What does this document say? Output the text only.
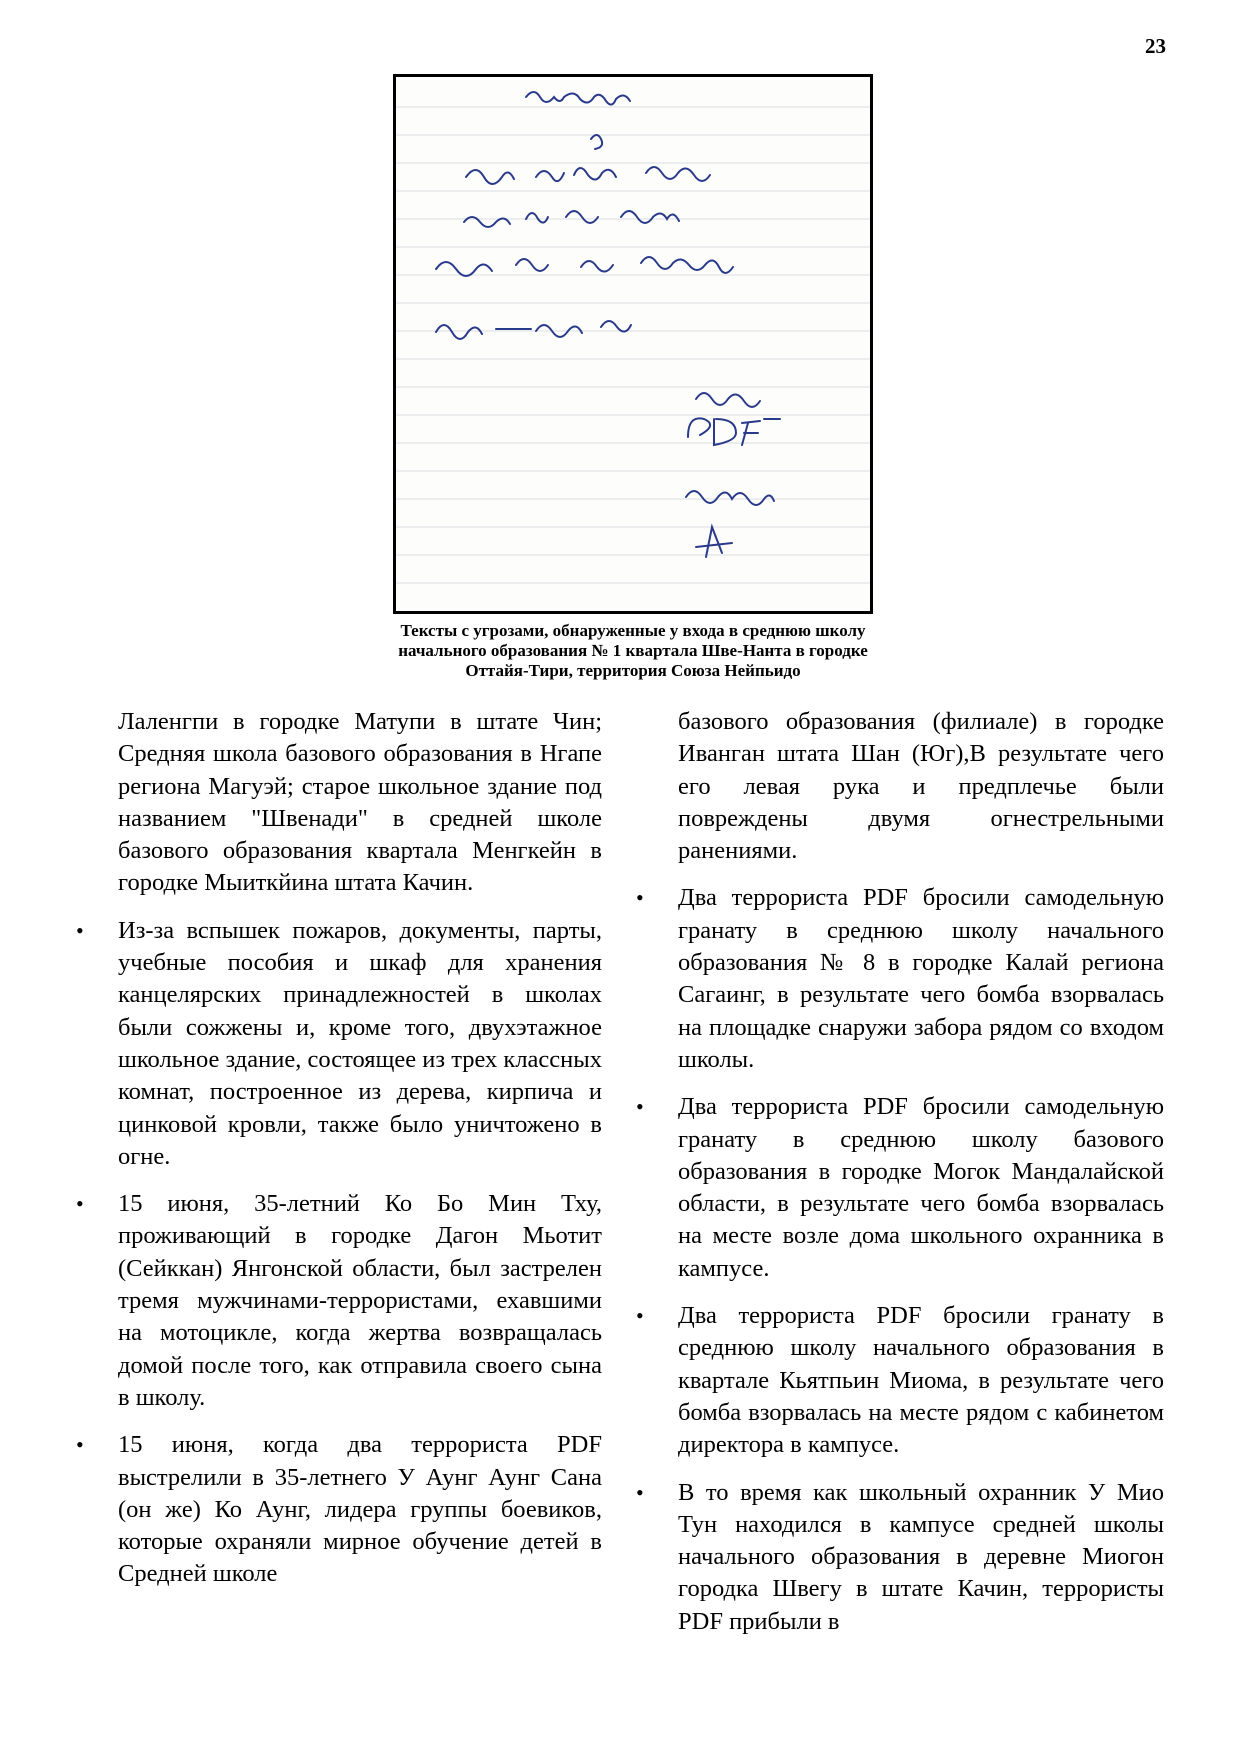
23
Тексты с угрозами, обнаруженные у входа в среднюю школу
начального образования № 1 квартала Шве-Нанта в городке
Оттайя-Тири, территория Союза Нейпьидо

Лаленгпи в городке Матупи в штате Чин; Средняя школа базового образования в Нгапе региона Магуэй; старое школьное здание под названием "Швенади" в средней школе базового образования квартала Менгкейн в городке Мыиткйина штата Качин.

• Из-за вспышек пожаров, документы, парты, учебные пособия и шкаф для хранения канцелярских принадлежностей в школах были сожжены и, кроме того, двухэтажное школьное здание, состоящее из трех классных комнат, построенное из дерева, кирпича и цинковой кровли, также было уничтожено в огне.

• 15 июня, 35-летний Ко Бо Мин Тху, проживающий в городке Дагон Мьотит (Сейккан) Янгонской области, был застрелен тремя мужчинами-террористами, ехавшими на мотоцикле, когда жертва возвращалась домой после того, как отправила своего сына в школу.

• 15 июня, когда два террориста PDF выстрелили в 35-летнего У Аунг Аунг Сана (он же) Ко Аунг, лидера группы боевиков, которые охраняли мирное обучение детей в Средней школе

базового образования (филиале) в городке Иванган штата Шан (Юг),В результате чего его левая рука и предплечье были повреждены двумя огнестрельными ранениями.

• Два террориста PDF бросили самодельную гранату в среднюю школу начального образования № 8 в городке Калай региона Сагаинг, в результате чего бомба взорвалась на площадке снаружи забора рядом со входом школы.

• Два террориста PDF бросили самодельную гранату в среднюю школу базового образования в городке Могок Мандалайской области, в результате чего бомба взорвалась на месте возле дома школьного охранника в кампусе.

• Два террориста PDF бросили гранату в среднюю школу начального образования в квартале Кьятпьин Миома, в результате чего бомба взорвалась на месте рядом с кабинетом директора в кампусе.

• В то время как школьный охранник У Мио Тун находился в кампусе средней школы начального образования в деревне Миогон городка Швегу в штате Качин, террористы PDF прибыли в
